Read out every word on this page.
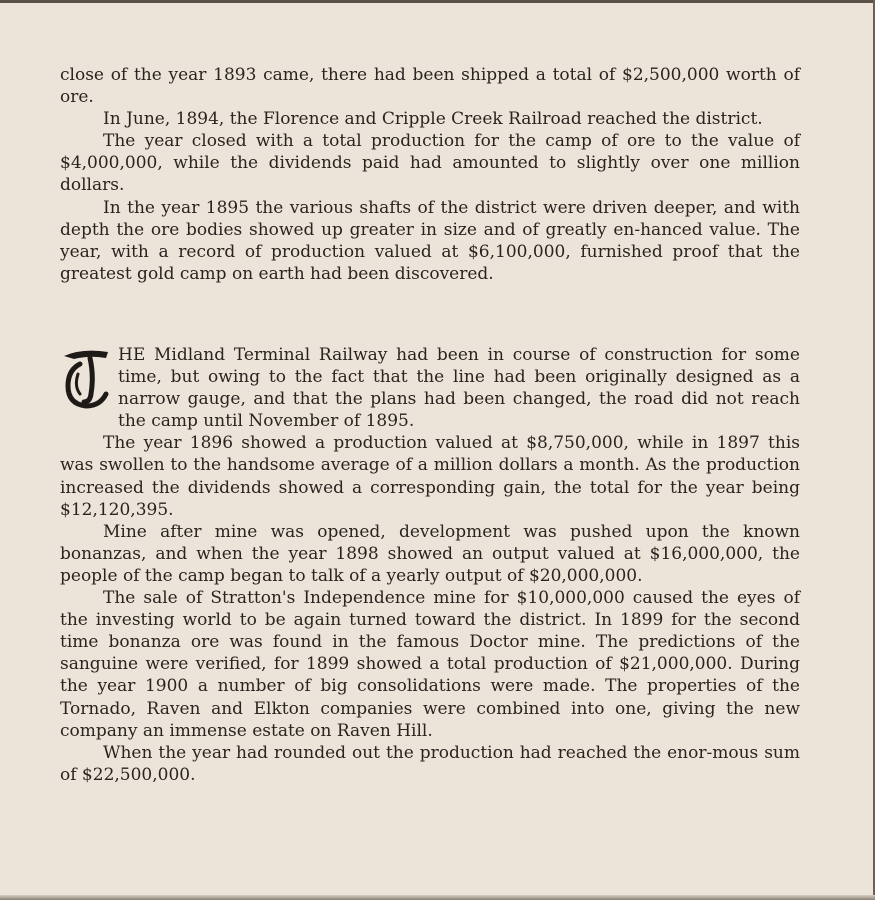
close of the year 1893 came, there had been shipped a total of $2,500,000 worth of ore.

In June, 1894, the Florence and Cripple Creek Railroad reached the district.

The year closed with a total production for the camp of ore to the value of $4,000,000, while the dividends paid had amounted to slightly over one million dollars.

In the year 1895 the various shafts of the district were driven deeper, and with depth the ore bodies showed up greater in size and of greatly en-hanced value. The year, with a record of production valued at $6,100,000, furnished proof that the greatest gold camp on earth had been discovered.

T

HE Midland Terminal Railway had been in course of construction for some time, but owing to the fact that the line had been originally designed as a narrow gauge, and that the plans had been changed, the road did not reach the camp until November of 1895.

The year 1896 showed a production valued at $8,750,000, while in 1897 this was swollen to the handsome average of a million dollars a month. As the production increased the dividends showed a corresponding gain, the total for the year being $12,120,395.

Mine after mine was opened, development was pushed upon the known bonanzas, and when the year 1898 showed an output valued at $16,000,000, the people of the camp began to talk of a yearly output of $20,000,000.

The sale of Stratton's Independence mine for $10,000,000 caused the eyes of the investing world to be again turned toward the district. In 1899 for the second time bonanza ore was found in the famous Doctor mine. The predictions of the sanguine were verified, for 1899 showed a total production of $21,000,000. During the year 1900 a number of big consolidations were made. The properties of the Tornado, Raven and Elkton companies were combined into one, giving the new company an immense estate on Raven Hill.

When the year had rounded out the production had reached the enor-mous sum of $22,500,000.
